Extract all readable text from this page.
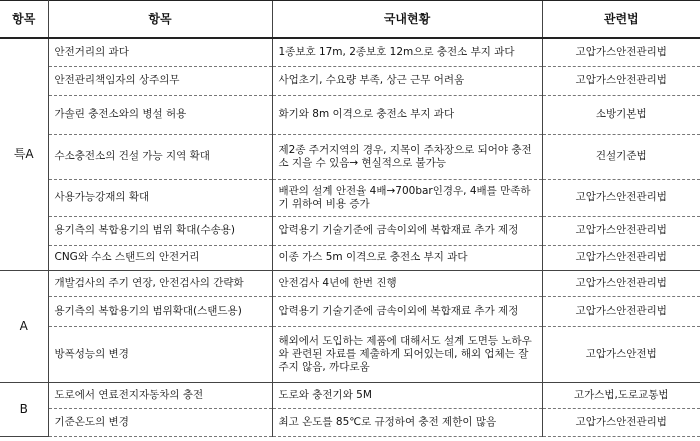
항목	항목	국내현황	관련법
특A	안전거리의 과다	1종보호 17m, 2종보호 12m으로 충전소 부지 과다	고압가스안전관리법
	안전관리책임자의 상주의무	사업초기, 수요량 부족, 상근 근무 어려움	고압가스안전관리법
	가솔린 충전소와의 병설 허용	화기와 8m 이격으로 충전소 부지 과다	소방기본법
	수소충전소의 건설 가능 지역 확대	제2종 주거지역의 경우, 지목이 주차장으로 되어야 충전소 지을 수 있음→ 현실적으로 불가능	건설기준법
	사용가능강재의 확대	배관의 설계 안전율 4배→700bar인경우, 4배를 만족하기 위하여 비용 증가	고압가스안전관리법
	용기측의 복합용기의 범위 확대(수송용)	압력용기 기술기준에 금속이외에 복합재료 추가 제정	고압가스안전관리법
	CNG와 수소 스탠드의 안전거리	이종 가스 5m 이격으로 충전소 부지 과다	고압가스안전관리법
A	개발검사의 주기 연장, 안전검사의 간략화	안전검사 4년에 한번 진행	고압가스안전관리법
	용기측의 복합용기의 범위확대(스탠드용)	압력용기 기술기준에 금속이외에 복합재료 추가 제정	고압가스안전관리법
	방폭성능의 변경	해외에서 도입하는 제품에 대해서도 설계 도면등 노하우와 관련된 자료를 제출하게 되어있는데, 해외 업체는 잘 주지 않음, 까다로움	고압가스안전법
B	도로에서 연료전지자동차의 충전	도로와 충전기와 5M	고가스법,도로교통법
	기준온도의 변경	최고 온도를 85℃로 규정하여 충전 제한이 많음	고압가스안전관리법
